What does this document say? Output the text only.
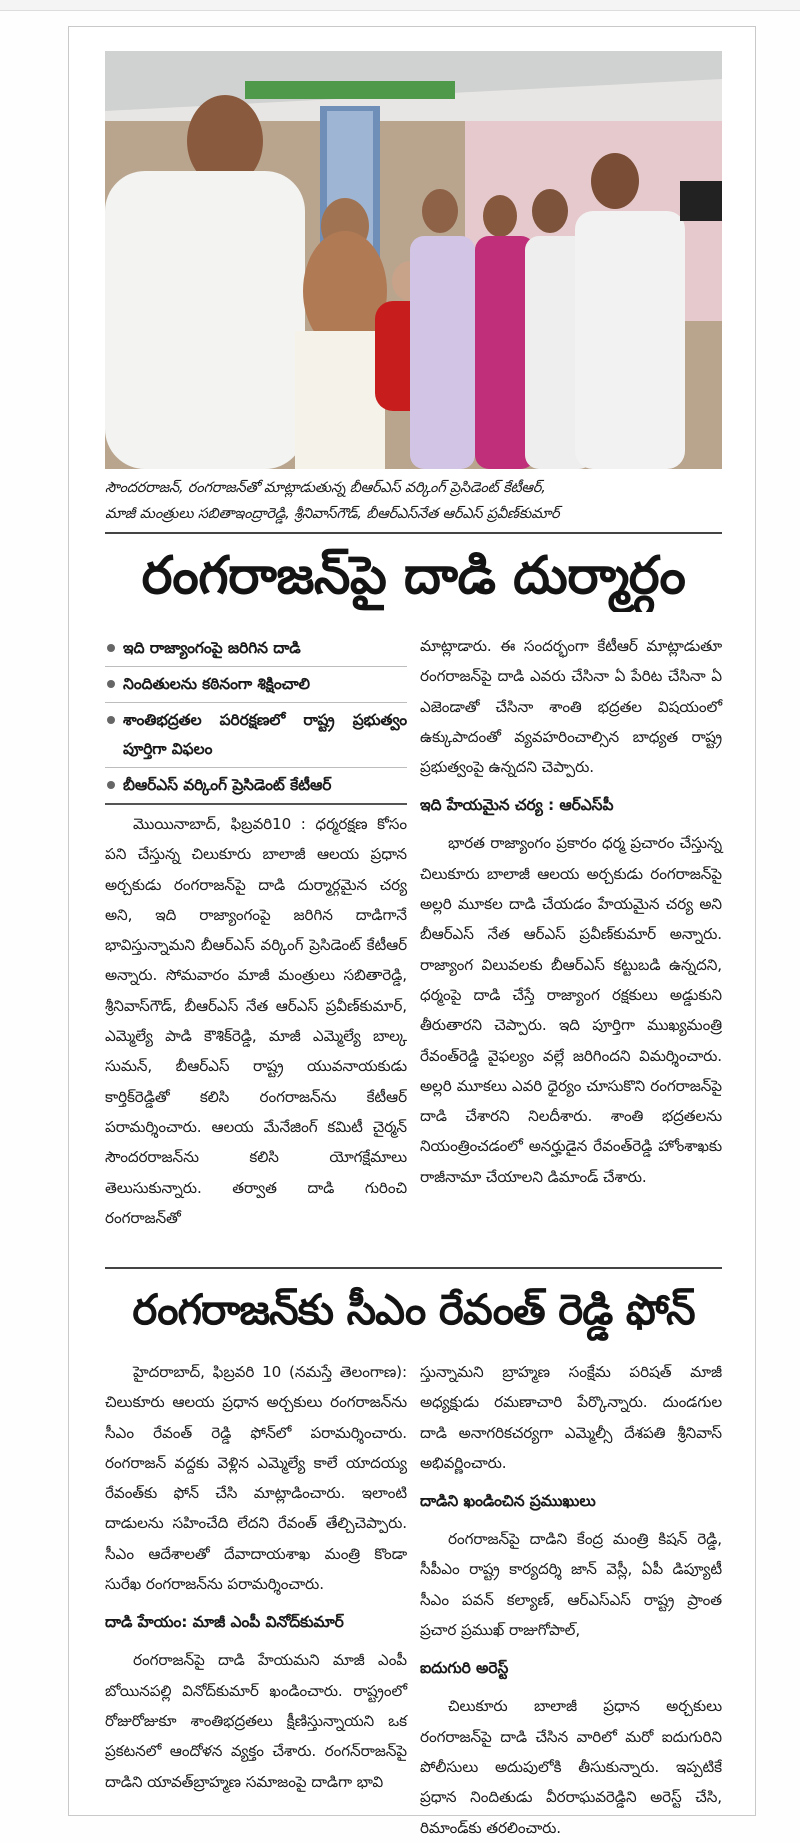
సౌందరరాజన్, రంగరాజన్‌తో మాట్లాడుతున్న బీఆర్ఎస్ వర్కింగ్ ప్రెసిడెంట్ కేటీఆర్,
మాజీ మంత్రులు సబితాఇంద్రారెడ్డి, శ్రీనివాస్‌గౌడ్, బీఆర్ఎస్‌నేత ఆర్ఎస్ ప్రవీణ్‌కుమార్
రంగరాజన్‌పై దాడి దుర్మార్గం
ఇది రాజ్యాంగంపై జరిగిన దాడి
నిందితులను కఠినంగా శిక్షించాలి
శాంతిభద్రతల పరిరక్షణలో రాష్ట్ర ప్రభుత్వం పూర్తిగా విఫలం
బీఆర్ఎస్ వర్కింగ్ ప్రెసిడెంట్ కేటీఆర్

మొయినాబాద్, ఫిబ్రవరి10 : ధర్మరక్షణ కోసం పని చేస్తున్న చిలుకూరు బాలాజీ ఆలయ ప్రధాన అర్చకుడు రంగరాజన్‌పై దాడి దుర్మార్గమైన చర్య అని, ఇది రాజ్యాంగంపై జరిగిన దాడిగానే భావిస్తున్నామని బీఆర్ఎస్ వర్కింగ్ ప్రెసిడెంట్ కేటీఆర్ అన్నారు. సోమవారం మాజీ మంత్రులు సబితారెడ్డి, శ్రీనివాస్‌గౌడ్, బీఆర్ఎస్ నేత ఆర్ఎస్ ప్రవీణ్‌కుమార్, ఎమ్మెల్యే పాడి కౌశిక్‌రెడ్డి, మాజీ ఎమ్మెల్యే బాల్క సుమన్, బీఆర్ఎస్ రాష్ట్ర యువనాయకుడు కార్తిక్‌రెడ్డితో కలిసి రంగరాజన్‌ను కేటీఆర్ పరామర్శించారు. ఆలయ మేనేజింగ్ కమిటీ చైర్మన్ సౌందరరాజన్‌ను కలిసి యోగక్షేమాలు తెలుసుకున్నారు. తర్వాత దాడి గురించి రంగరాజన్‌తో

మాట్లాడారు. ఈ సందర్భంగా కేటీఆర్ మాట్లాడుతూ రంగరాజన్‌పై దాడి ఎవరు చేసినా ఏ పేరిట చేసినా ఏ ఎజెండాతో చేసినా శాంతి భద్రతల విషయంలో ఉక్కుపాదంతో వ్యవహరించాల్సిన బాధ్యత రాష్ట్ర ప్రభుత్వంపై ఉన్నదని చెప్పారు.

ఇది హేయమైన చర్య : ఆర్ఎస్‌పీ

భారత రాజ్యాంగం ప్రకారం ధర్మ ప్రచారం చేస్తున్న చిలుకూరు బాలాజీ ఆలయ అర్చకుడు రంగరాజన్‌పై అల్లరి మూకల దాడి చేయడం హేయమైన చర్య అని బీఆర్ఎస్ నేత ఆర్ఎస్ ప్రవీణ్‌కుమార్ అన్నారు. రాజ్యాంగ విలువలకు బీఆర్ఎస్ కట్టుబడి ఉన్నదని, ధర్మంపై దాడి చేస్తే రాజ్యాంగ రక్షకులు అడ్డుకుని తీరుతారని చెప్పారు. ఇది పూర్తిగా ముఖ్యమంత్రి రేవంత్‌రెడ్డి వైఫల్యం వల్లే జరిగిందని విమర్శించారు. అల్లరి మూకలు ఎవరి ధైర్యం చూసుకొని రంగరాజన్‌పై దాడి చేశారని నిలదీశారు. శాంతి భద్రతలను నియంత్రించడంలో అనర్హుడైన రేవంత్‌రెడ్డి హోంశాఖకు రాజీనామా చేయాలని డిమాండ్ చేశారు.

రంగరాజన్‌కు సీఎం రేవంత్ రెడ్డి ఫోన్

హైదరాబాద్, ఫిబ్రవరి 10 (నమస్తే తెలంగాణ): చిలుకూరు ఆలయ ప్రధాన అర్చకులు రంగరాజన్‌ను సీఎం రేవంత్ రెడ్డి ఫోన్‌లో పరామర్శించారు. రంగరాజన్ వద్దకు వెళ్లిన ఎమ్మెల్యే కాలే యాదయ్య రేవంత్‌కు ఫోన్ చేసి మాట్లాడించారు. ఇలాంటి దాడులను సహించేది లేదని రేవంత్ తేల్చిచెప్పారు. సీఎం ఆదేశాలతో దేవాదాయశాఖ మంత్రి కొండా సురేఖ రంగరాజన్‌ను పరామర్శించారు.

దాడి హేయం: మాజీ ఎంపీ వినోద్‌కుమార్

రంగరాజన్‌పై దాడి హేయమని మాజీ ఎంపీ బోయినపల్లి వినోద్‌కుమార్ ఖండించారు. రాష్ట్రంలో రోజురోజుకూ శాంతిభద్రతలు క్షీణిస్తున్నాయని ఒక ప్రకటనలో ఆందోళన వ్యక్తం చేశారు. రంగన్‌రాజన్‌పై దాడిని యావత్‌బ్రాహ్మణ సమాజంపై దాడిగా భావి

స్తున్నామని బ్రాహ్మణ సంక్షేమ పరిషత్ మాజీ అధ్యక్షుడు రమణాచారి పేర్కొన్నారు. దుండగుల దాడి అనాగరికచర్యగా ఎమ్మెల్సీ దేశపతి శ్రీనివాస్ అభివర్ణించారు.

దాడిని ఖండించిన ప్రముఖులు

రంగరాజన్‌పై దాడిని కేంద్ర మంత్రి కిషన్ రెడ్డి, సీపీఎం రాష్ట్ర కార్యదర్శి జాన్ వెస్లీ, ఏపీ డిప్యూటీ సీఎం పవన్ కల్యాణ్, ఆర్ఎస్ఎస్ రాష్ట్ర ప్రాంత ప్రచార ప్రముఖ్ రాజుగోపాల్,

ఐదుగురి అరెస్ట్

చిలుకూరు బాలాజీ ప్రధాన అర్చకులు రంగరాజన్‌పై దాడి చేసిన వారిలో మరో ఐదుగురిని పోలీసులు అదుపులోకి తీసుకున్నారు. ఇప్పటికే ప్రధాన నిందితుడు వీరరాఘవరెడ్డిని అరెస్ట్ చేసి, రిమాండ్‌కు తరలించారు.
